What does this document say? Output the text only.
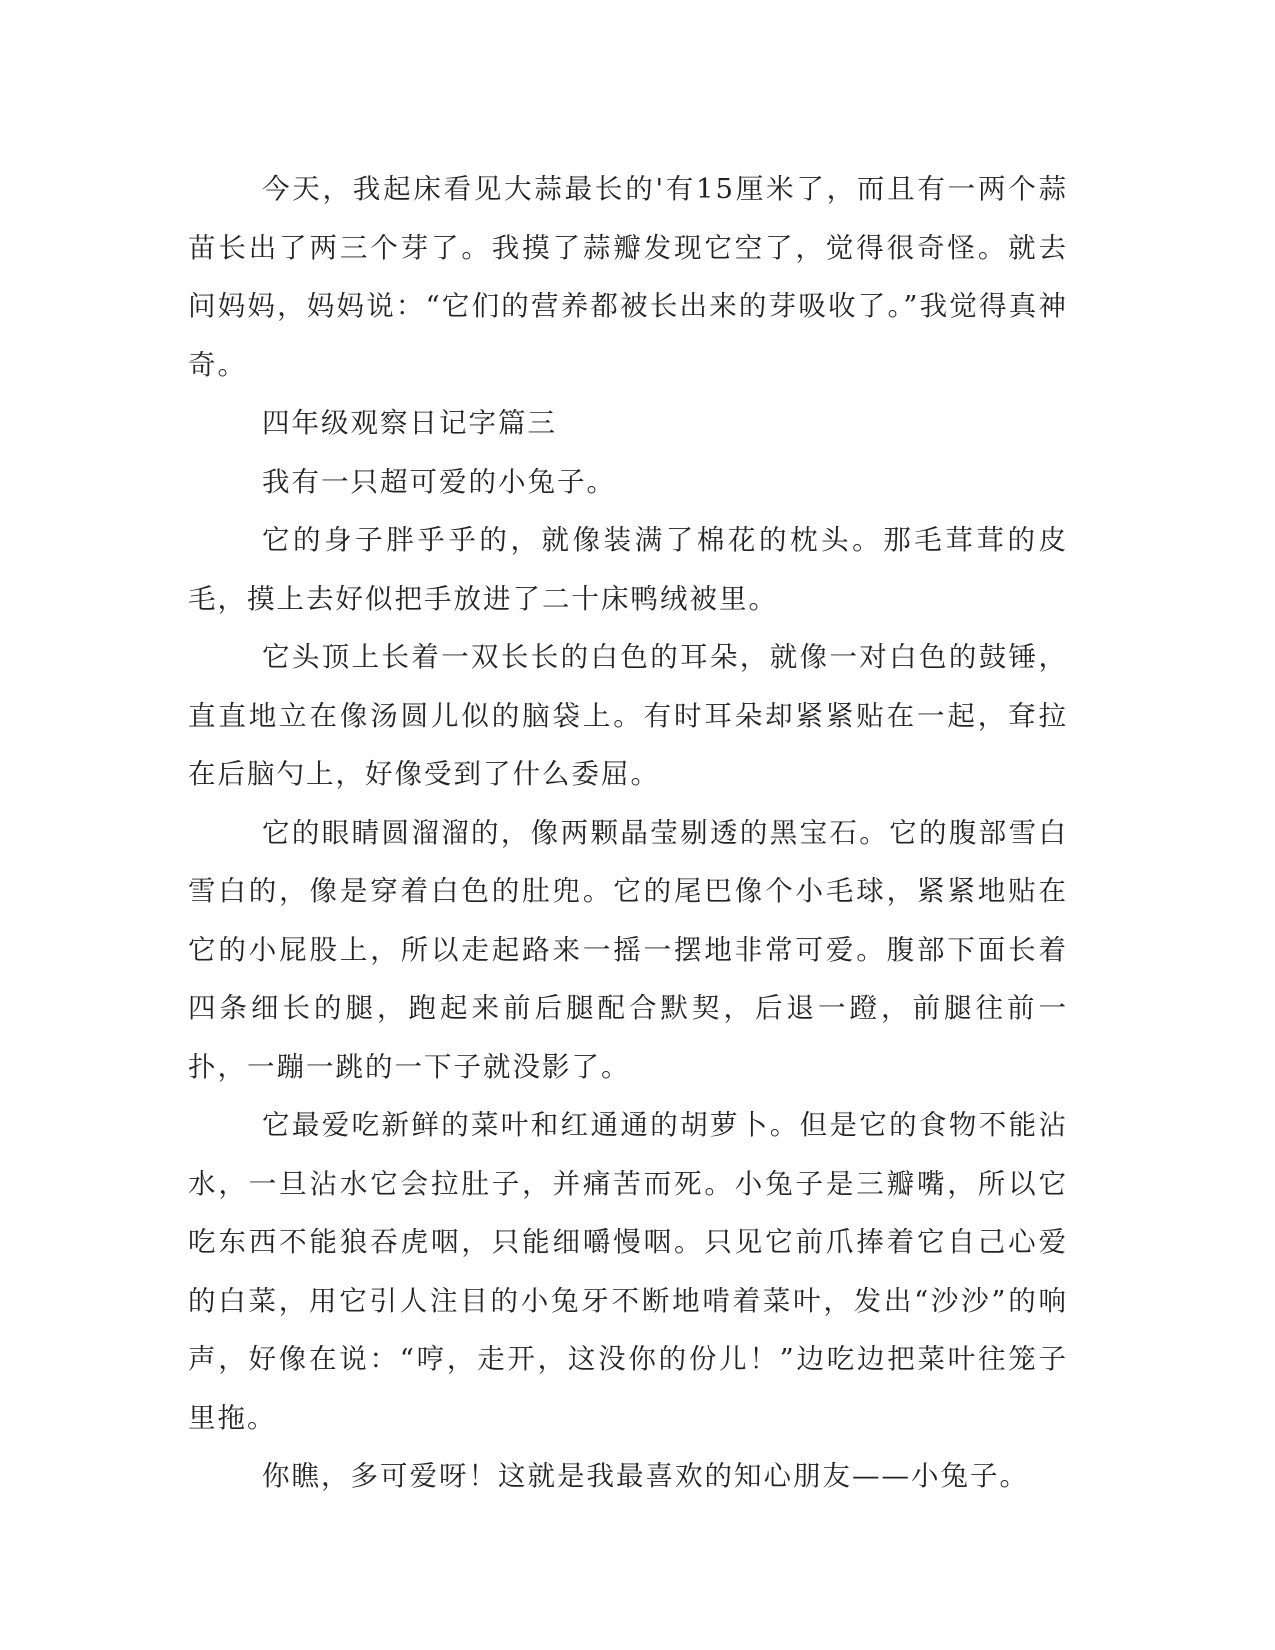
今天，我起床看见大蒜最长的'有15厘米了，而且有一两个蒜苗长出了两三个芽了。我摸了蒜瓣发现它空了，觉得很奇怪。就去问妈妈，妈妈说：“它们的营养都被长出来的芽吸收了。”我觉得真神奇。

四年级观察日记字篇三

我有一只超可爱的小兔子。

它的身子胖乎乎的，就像装满了棉花的枕头。那毛茸茸的皮毛，摸上去好似把手放进了二十床鸭绒被里。

它头顶上长着一双长长的白色的耳朵，就像一对白色的鼓锤，直直地立在像汤圆儿似的脑袋上。有时耳朵却紧紧贴在一起，耷拉在后脑勺上，好像受到了什么委屈。

它的眼睛圆溜溜的，像两颗晶莹剔透的黑宝石。它的腹部雪白雪白的，像是穿着白色的肚兜。它的尾巴像个小毛球，紧紧地贴在它的小屁股上，所以走起路来一摇一摆地非常可爱。腹部下面长着四条细长的腿，跑起来前后腿配合默契，后退一蹬，前腿往前一扑，一蹦一跳的一下子就没影了。

它最爱吃新鲜的菜叶和红通通的胡萝卜。但是它的食物不能沾水，一旦沾水它会拉肚子，并痛苦而死。小兔子是三瓣嘴，所以它吃东西不能狼吞虎咽，只能细嚼慢咽。只见它前爪捧着它自己心爱的白菜，用它引人注目的小兔牙不断地啃着菜叶，发出“沙沙”的响声，好像在说：“哼，走开，这没你的份儿！”边吃边把菜叶往笼子里拖。

你瞧，多可爱呀！这就是我最喜欢的知心朋友——小兔子。
